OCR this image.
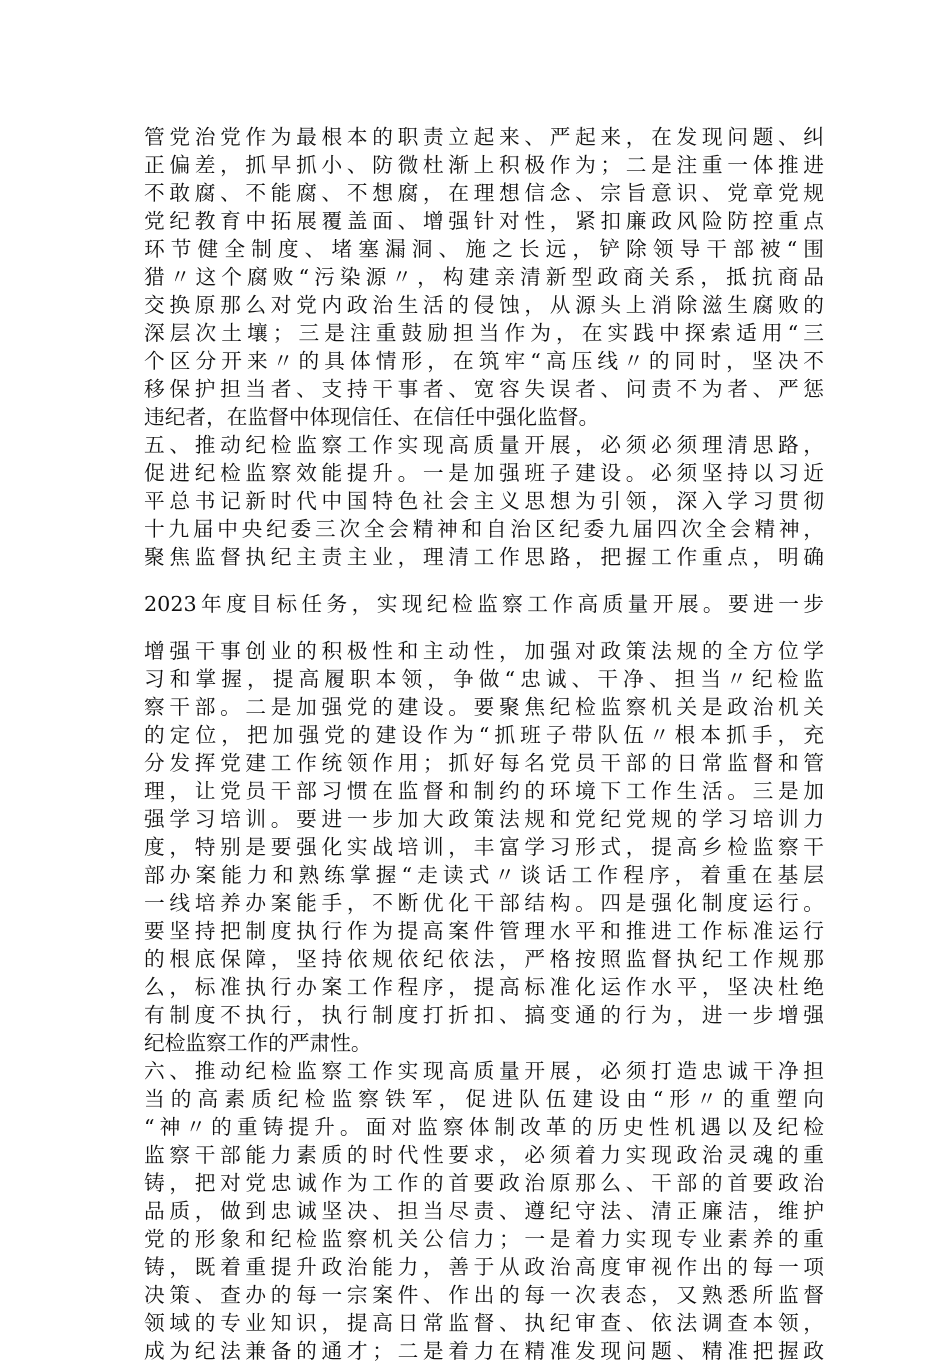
管党治党作为最根本的职责立起来、严起来，在发现问题、纠

正偏差，抓早抓小、防微杜渐上积极作为；二是注重一体推进

不敢腐、不能腐、不想腐，在理想信念、宗旨意识、党章党规

党纪教育中拓展覆盖面、增强针对性，紧扣廉政风险防控重点

环节健全制度、堵塞漏洞、施之长远，铲除领导干部被“围

猎〃这个腐败“污染源〃，构建亲清新型政商关系，抵抗商品

交换原那么对党内政治生活的侵蚀，从源头上消除滋生腐败的

深层次土壤；三是注重鼓励担当作为，在实践中探索适用“三

个区分开来〃的具体情形，在筑牢“高压线〃的同时，坚决不

移保护担当者、支持干事者、宽容失误者、问责不为者、严惩

违纪者，在监督中体现信任、在信任中强化监督。

五、推动纪检监察工作实现高质量开展，必须必须理清思路，

促进纪检监察效能提升。一是加强班子建设。必须坚持以习近

平总书记新时代中国特色社会主义思想为引领，深入学习贯彻

十九届中央纪委三次全会精神和自治区纪委九届四次全会精神，

聚焦监督执纪主责主业，理清工作思路，把握工作重点，明确

2023年度目标任务，实现纪检监察工作高质量开展。要进一步

增强干事创业的积极性和主动性，加强对政策法规的全方位学

习和掌握，提高履职本领，争做“忠诚、干净、担当〃纪检监

察干部。二是加强党的建设。要聚焦纪检监察机关是政治机关

的定位，把加强党的建设作为“抓班子带队伍〃根本抓手，充

分发挥党建工作统领作用；抓好每名党员干部的日常监督和管

理，让党员干部习惯在监督和制约的环境下工作生活。三是加

强学习培训。要进一步加大政策法规和党纪党规的学习培训力

度，特别是要强化实战培训，丰富学习形式，提高乡检监察干

部办案能力和熟练掌握“走读式〃谈话工作程序，着重在基层

一线培养办案能手，不断优化干部结构。四是强化制度运行。

要坚持把制度执行作为提高案件管理水平和推进工作标准运行

的根底保障，坚持依规依纪依法，严格按照监督执纪工作规那

么，标准执行办案工作程序，提高标准化运作水平，坚决杜绝

有制度不执行，执行制度打折扣、搞变通的行为，进一步增强

纪检监察工作的严肃性。

六、推动纪检监察工作实现高质量开展，必须打造忠诚干净担

当的高素质纪检监察铁军，促进队伍建设由“形〃的重塑向

“神〃的重铸提升。面对监察体制改革的历史性机遇以及纪检

监察干部能力素质的时代性要求，必须着力实现政治灵魂的重

铸，把对党忠诚作为工作的首要政治原那么、干部的首要政治

品质，做到忠诚坚决、担当尽责、遵纪守法、清正廉洁，维护

党的形象和纪检监察机关公信力；一是着力实现专业素养的重

铸，既着重提升政治能力，善于从政治高度审视作出的每一项

决策、查办的每一宗案件、作出的每一次表态，又熟悉所监督

领域的专业知识，提高日常监督、执纪审查、依法调查本领，

成为纪法兼备的通才；二是着力在精准发现问题、精准把握政
